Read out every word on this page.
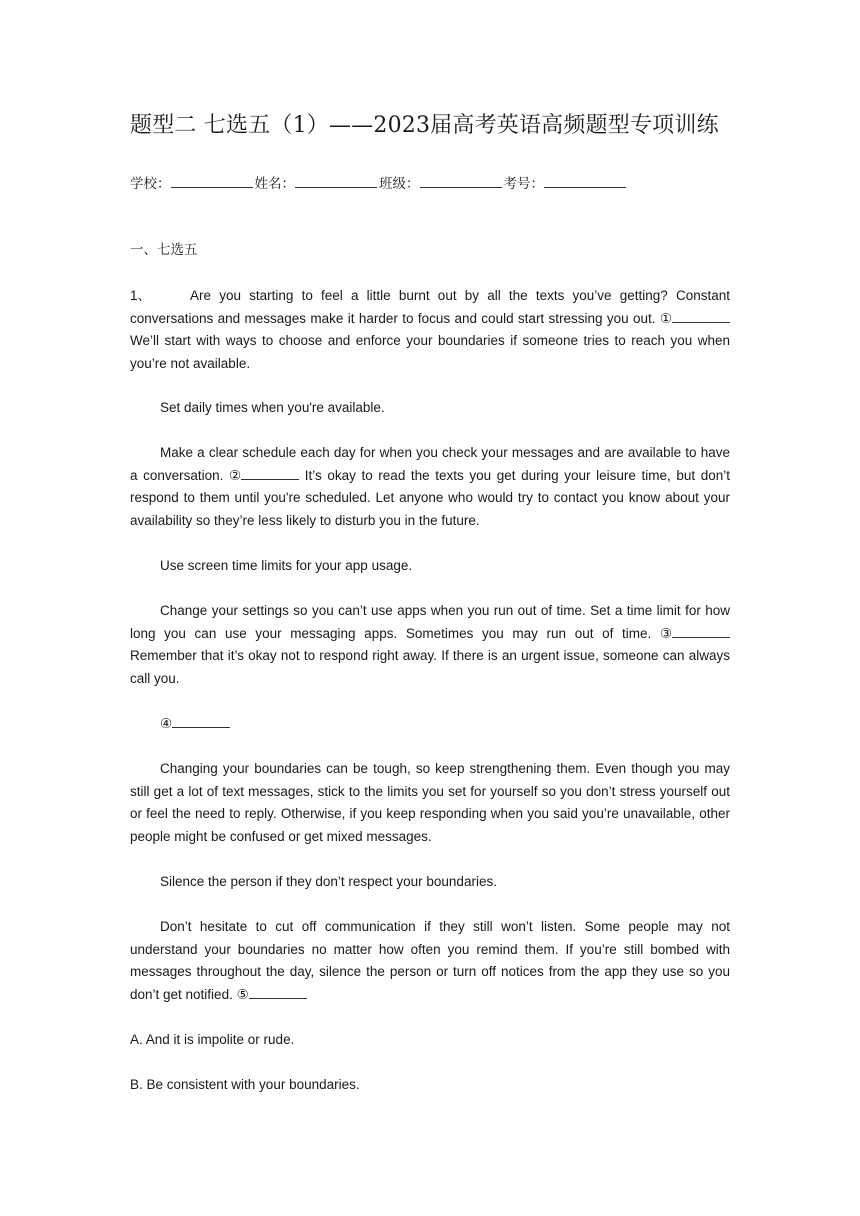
题型二 七选五（1）——2023届高考英语高频题型专项训练
学校：	姓名：	班级：	考号：
一、七选五

1、	Are you starting to feel a little burnt out by all the texts you’ve getting? Constant conversations and messages make it harder to focus and could start stressing you out. ① We’ll start with ways to choose and enforce your boundaries if someone tries to reach you when you’re not available.

Set daily times when you're available.

Make a clear schedule each day for when you check your messages and are available to have a conversation. ②	It’s okay to read the texts you get during your leisure time, but don’t respond to them until you're scheduled. Let anyone who would try to contact you know about your availability so they’re less likely to disturb you in the future.

Use screen time limits for your app usage.

Change your settings so you can’t use apps when you run out of time. Set a time limit for how long you can use your messaging apps. Sometimes you may run out of time. ③ Remember that it’s okay not to respond right away. If there is an urgent issue, someone can always call you.

④

Changing your boundaries can be tough, so keep strengthening them. Even though you may still get a lot of text messages, stick to the limits you set for yourself so you don’t stress yourself out or feel the need to reply. Otherwise, if you keep responding when you said you’re unavailable, other people might be confused or get mixed messages.

Silence the person if they don’t respect your boundaries.

Don’t hesitate to cut off communication if they still won’t listen. Some people may not understand your boundaries no matter how often you remind them. If you’re still bombed with messages throughout the day, silence the person or turn off notices from the app they use so you don’t get notified. ⑤

A. And it is impolite or rude.

B. Be consistent with your boundaries.
